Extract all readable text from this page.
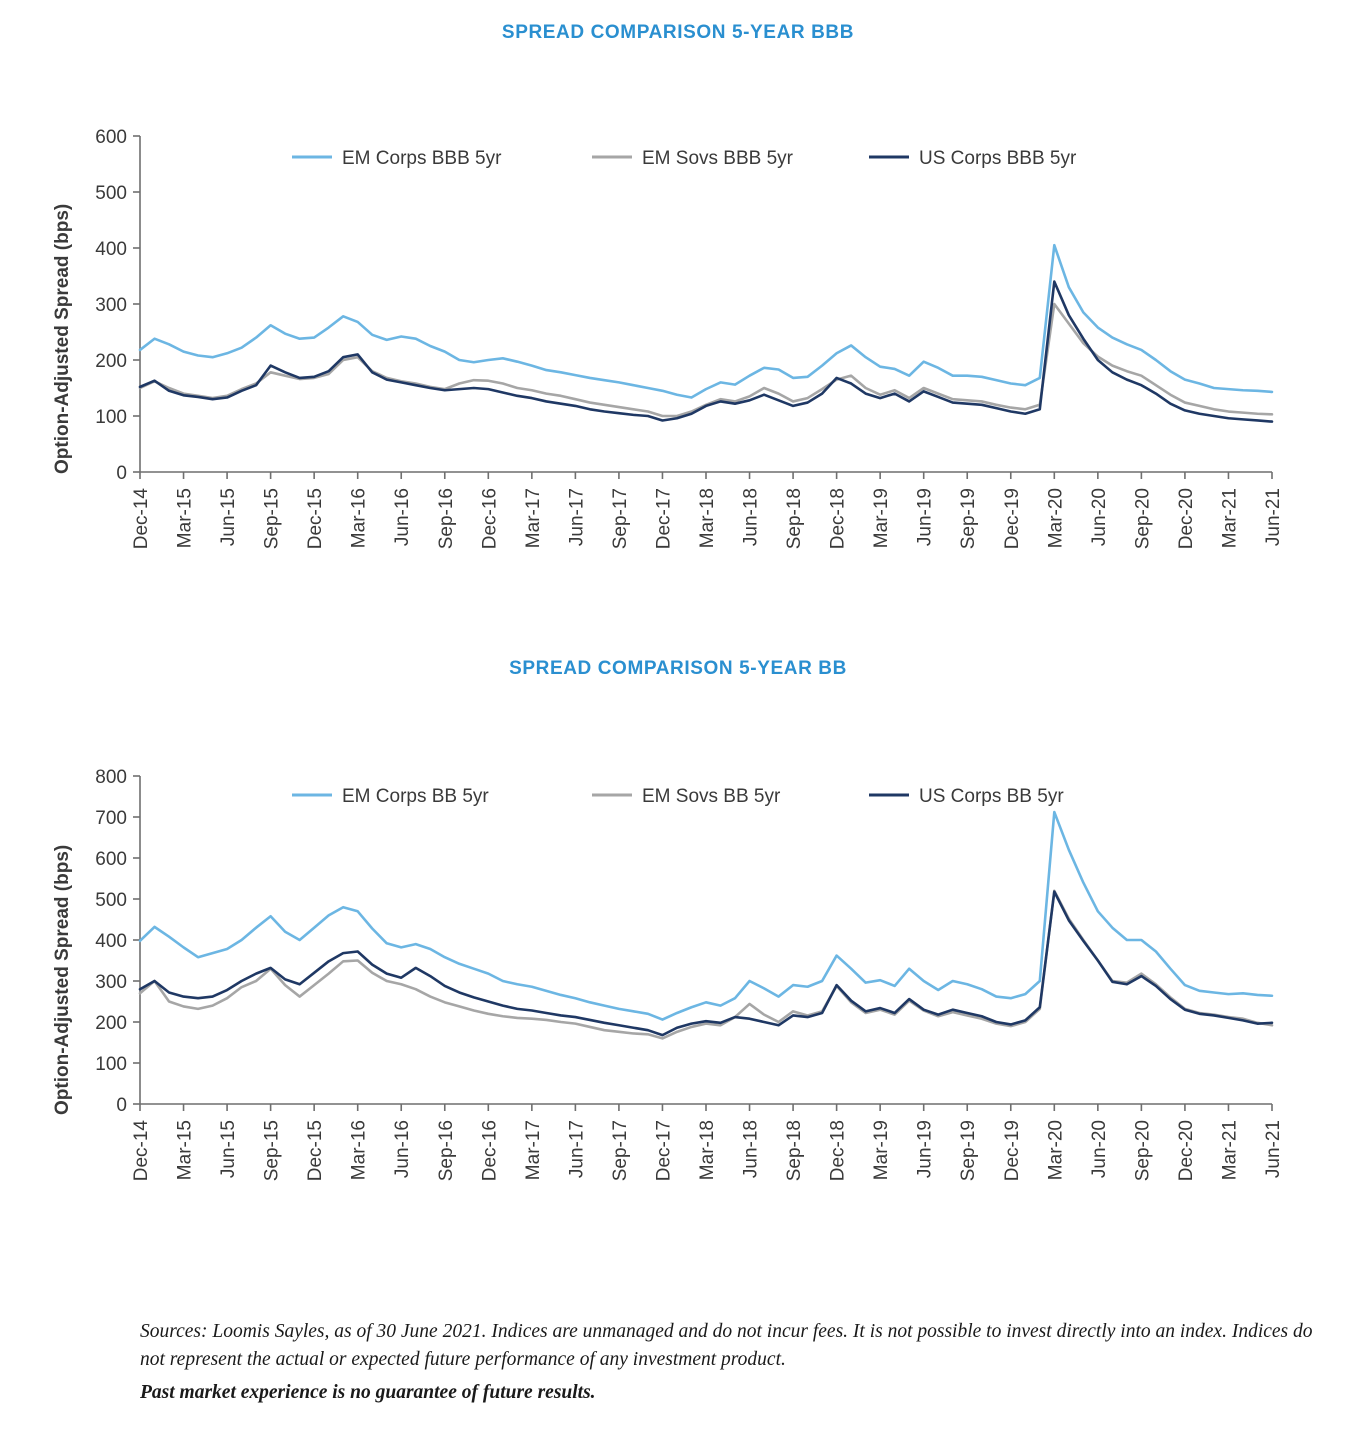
SPREAD COMPARISON 5-YEAR BBB
Option-Adjusted Spread (bps) 0
100
200
300
400
500
600
Dec-14 Mar-15 Jun-15 Sep-15 Dec-15 Mar-16 Jun-16 Sep-16 Dec-16 Mar-17 Jun-17 Sep-17 Dec-17 Mar-18 Jun-18 Sep-18 Dec-18 Mar-19 Jun-19 Sep-19 Dec-19 Mar-20 Jun-20 Sep-20 Dec-20 Mar-21 Jun-21
EM Corps BBB 5yr	EM Sovs BBB 5yr	US Corps BBB 5yr
SPREAD COMPARISON 5-YEAR BB
Option-Adjusted Spread (bps) 0
100
200
300
400
500
600
700
800
Dec-14 Mar-15 Jun-15 Sep-15 Dec-15 Mar-16 Jun-16 Sep-16 Dec-16 Mar-17 Jun-17 Sep-17 Dec-17 Mar-18 Jun-18 Sep-18 Dec-18 Mar-19 Jun-19 Sep-19 Dec-19 Mar-20 Jun-20 Sep-20 Dec-20 Mar-21 Jun-21
EM Corps BB 5yr	EM Sovs BB 5yr	US Corps BB 5yr
Sources: Loomis Sayles, as of 30 June 2021. Indices are unmanaged and do not incur fees. It is not possible to invest directly into an index. Indices do not represent the actual or expected future performance of any investment product.
Past market experience is no guarantee of future results.
